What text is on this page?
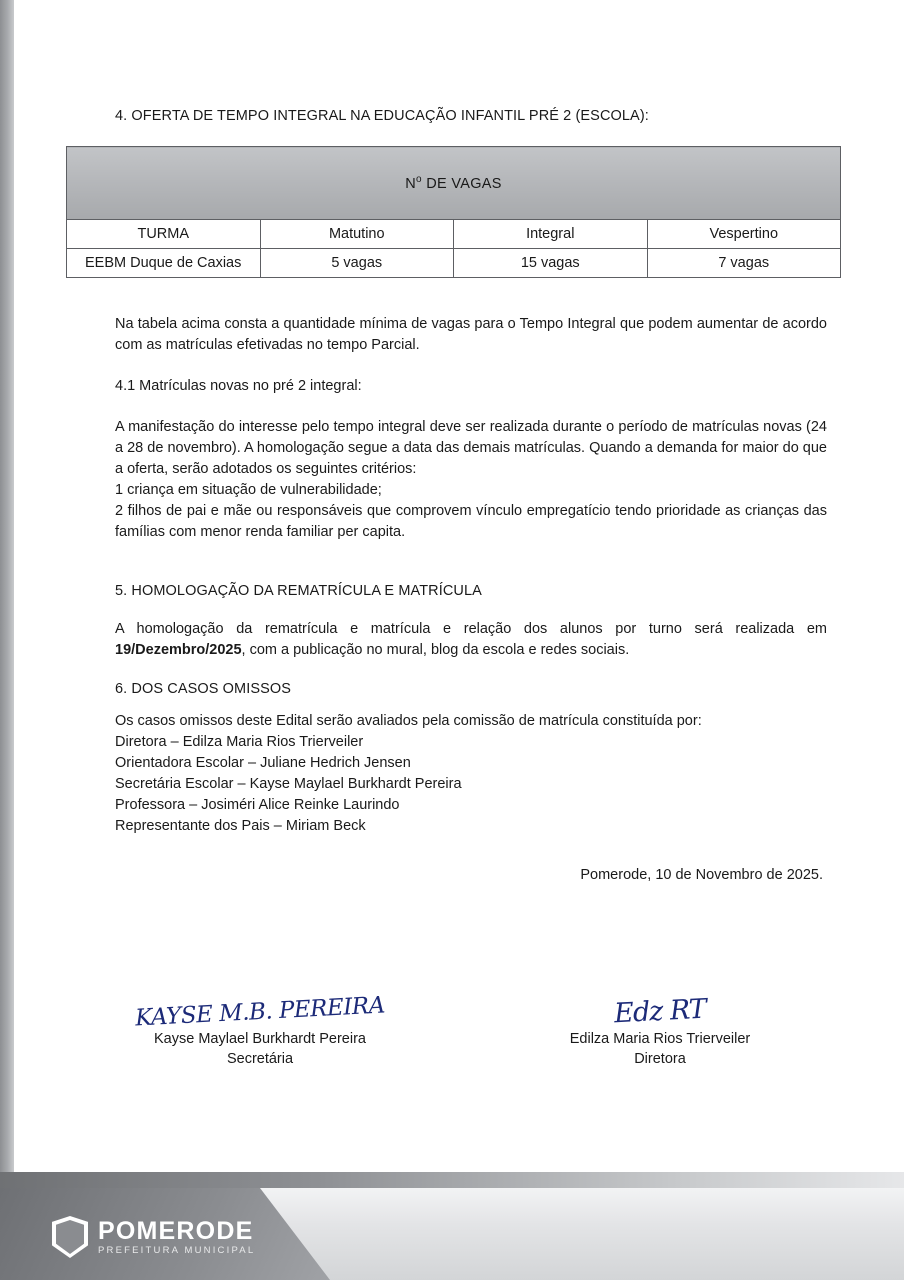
4. OFERTA DE TEMPO INTEGRAL NA EDUCAÇÃO INFANTIL PRÉ 2 (ESCOLA):
$N^o$ DE VAGAS			
TURMA	Matutino	Integral	Vespertino
EEBM Duque de Caxias	5 vagas	15 vagas	7 vagas

Na tabela acima consta a quantidade mínima de vagas para o Tempo Integral que podem aumentar de acordo com as matrículas efetivadas no tempo Parcial.

4.1 Matrículas novas no pré 2 integral:

A manifestação do interesse pelo tempo integral deve ser realizada durante o período de matrículas novas (24 a 28 de novembro). A homologação segue a data das demais matrículas. Quando a demanda for maior do que a oferta, serão adotados os seguintes critérios:

1 criança em situação de vulnerabilidade;

2 filhos de pai e mãe ou responsáveis que comprovem vínculo empregatício tendo prioridade as crianças das famílias com menor renda familiar per capita.

5. HOMOLOGAÇÃO DA REMATRÍCULA E MATRÍCULA

A homologação da rematrícula e matrícula e relação dos alunos por turno será realizada em 19/Dezembro/2025, com a publicação no mural, blog da escola e redes sociais.

6. DOS CASOS OMISSOS

Os casos omissos deste Edital serão avaliados pela comissão de matrícula constituída por:

Diretora – Edilza Maria Rios Trierveiler

Orientadora Escolar – Juliane Hedrich Jensen

Secretária Escolar – Kayse Maylael Burkhardt Pereira

Professora – Josiméri Alice Reinke Laurindo

Representante dos Pais – Miriam Beck

Pomerode, 10 de Novembro de 2025.

KAYSE M.B. PEREIRA
Kayse Maylael Burkhardt Pereira
Secretária
Edz RT
Edilza Maria Rios Trierveiler
Diretora
POMERODE
PREFEITURA MUNICIPAL
